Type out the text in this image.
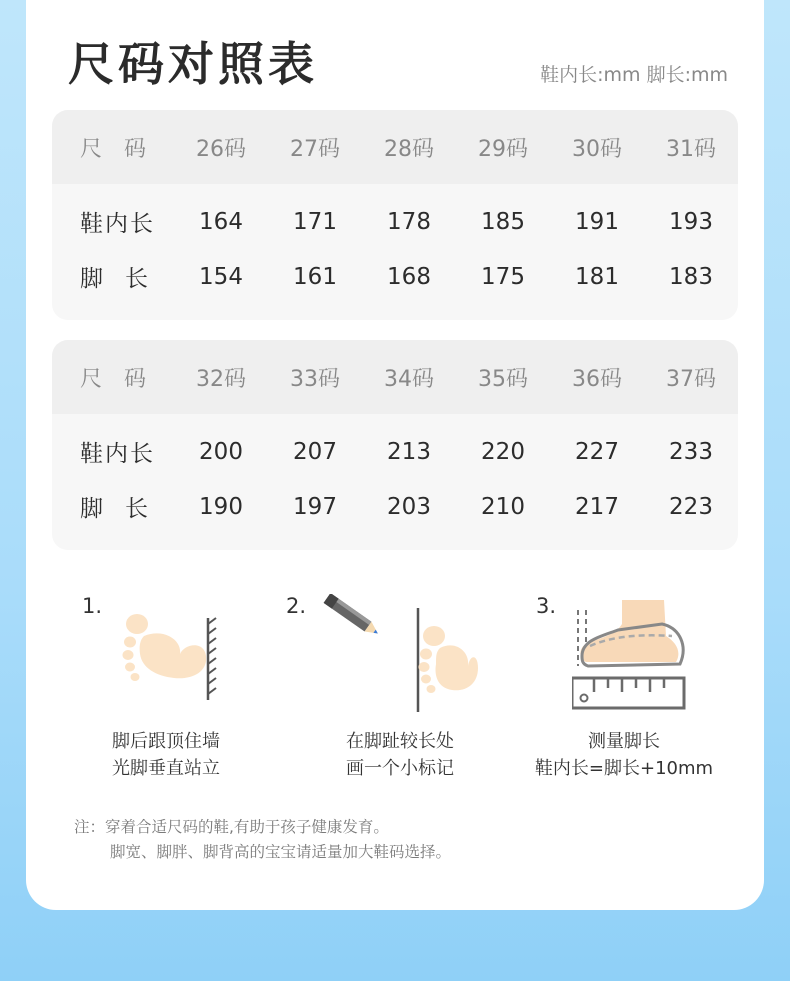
尺码对照表	鞋内长:mm 脚长:mm
尺码	26码	27码	28码	29码	30码	31码
鞋内长	164	171	178	185	191	193
脚长	154	161	168	175	181	183
尺码	32码	33码	34码	35码	36码	37码
鞋内长	200	207	213	220	227	233
脚长	190	197	203	210	217	223
1.
脚后跟顶住墙
光脚垂直站立
2.
在脚趾较长处
画一个小标记
3.
测量脚长
鞋内长=脚长+10mm
注：穿着合适尺码的鞋,有助于孩子健康发育。
脚宽、脚胖、脚背高的宝宝请适量加大鞋码选择。
